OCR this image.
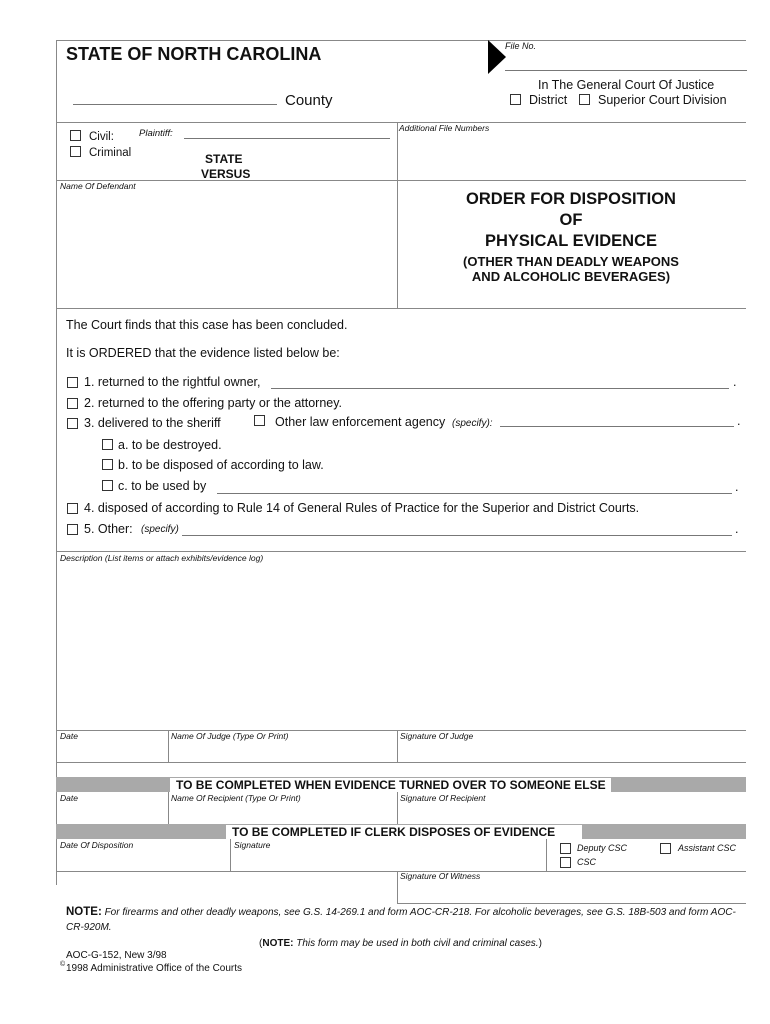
STATE OF NORTH CAROLINA	File No.
In The General Court Of Justice
District Superior Court Division
County
Additional File Numbers
Civil:	Plaintiff:
Criminal	STATE
VERSUS
Name Of Defendant
ORDER FOR DISPOSITION
OF
PHYSICAL EVIDENCE
(OTHER THAN DEADLY WEAPONS
AND ALCOHOLIC BEVERAGES)
The Court finds that this case has been concluded.
It is ORDERED that the evidence listed below be:
1. returned to the rightful owner,	.
2. returned to the offering party or the attorney.
3. delivered to the sheriff	Other law enforcement agency (specify):	.
a. to be destroyed.
b. to be disposed of according to law.
c. to be used by	.
4. disposed of according to Rule 14 of General Rules of Practice for the Superior and District Courts.
5. Other: (specify)	.
Description (List items or attach exhibits/evidence log)
Date	Name Of Judge (Type Or Print)	Signature Of Judge
TO BE COMPLETED WHEN EVIDENCE TURNED OVER TO SOMEONE ELSE
Date	Name Of Recipient (Type Or Print)	Signature Of Recipient
TO BE COMPLETED IF CLERK DISPOSES OF EVIDENCE
Date Of Disposition	Signature	Deputy CSC	Assistant CSC
CSC
Signature Of Witness
NOTE: For firearms and other deadly weapons, see G.S. 14-269.1 and form AOC-CR-218. For alcoholic beverages, see G.S. 18B-503 and form AOC-CR-920M.
(NOTE: This form may be used in both civil and criminal cases.)
AOC-G-152, New 3/98
© 1998 Administrative Office of the Courts
